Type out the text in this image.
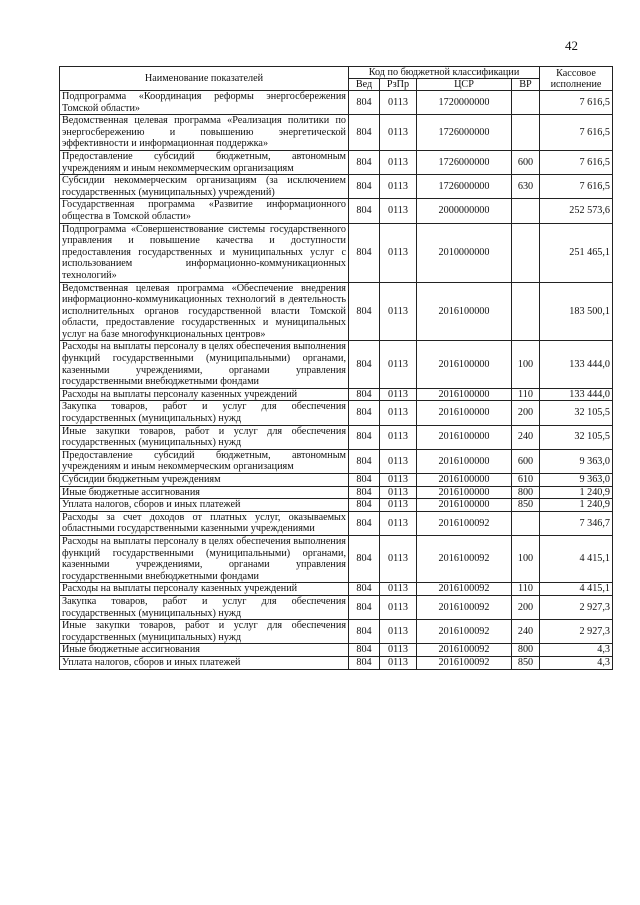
42
Наименование показателей	Код по бюджетной классификации				Кассовое исполнение
	Вед	РзПр	ЦСР	ВР	
Подпрограмма «Координация реформы энергосбережения Томской области»	804	0113	1720000000		7 616,5
Ведомственная целевая программа «Реализация политики по энергосбережению и повышению энергетической эффективности и информационная поддержка»	804	0113	1726000000		7 616,5
Предоставление субсидий бюджетным, автономным учреждениям и иным некоммерческим организациям	804	0113	1726000000	600	7 616,5
Субсидии некоммерческим организациям (за исключением государственных (муниципальных) учреждений)	804	0113	1726000000	630	7 616,5
Государственная программа «Развитие информационного общества в Томской области»	804	0113	2000000000		252 573,6
Подпрограмма «Совершенствование системы государственного управления и повышение качества и доступности предоставления государственных и муниципальных услуг с использованием информационно-коммуникационных технологий»	804	0113	2010000000		251 465,1
Ведомственная целевая программа «Обеспечение внедрения информационно-коммуникационных технологий в деятельность исполнительных органов государственной власти Томской области, предоставление государственных и муниципальных услуг на базе многофункциональных центров»	804	0113	2016100000		183 500,1
Расходы на выплаты персоналу в целях обеспечения выполнения функций государственными (муниципальными) органами, казенными учреждениями, органами управления государственными внебюджетными фондами	804	0113	2016100000	100	133 444,0
Расходы на выплаты персоналу казенных учреждений	804	0113	2016100000	110	133 444,0
Закупка товаров, работ и услуг для обеспечения государственных (муниципальных) нужд	804	0113	2016100000	200	32 105,5
Иные закупки товаров, работ и услуг для обеспечения государственных (муниципальных) нужд	804	0113	2016100000	240	32 105,5
Предоставление субсидий бюджетным, автономным учреждениям и иным некоммерческим организациям	804	0113	2016100000	600	9 363,0
Субсидии бюджетным учреждениям	804	0113	2016100000	610	9 363,0
Иные бюджетные ассигнования	804	0113	2016100000	800	1 240,9
Уплата налогов, сборов и иных платежей	804	0113	2016100000	850	1 240,9
Расходы за счет доходов от платных услуг, оказываемых областными государственными казенными учреждениями	804	0113	2016100092		7 346,7
Расходы на выплаты персоналу в целях обеспечения выполнения функций государственными (муниципальными) органами, казенными учреждениями, органами управления государственными внебюджетными фондами	804	0113	2016100092	100	4 415,1
Расходы на выплаты персоналу казенных учреждений	804	0113	2016100092	110	4 415,1
Закупка товаров, работ и услуг для обеспечения государственных (муниципальных) нужд	804	0113	2016100092	200	2 927,3
Иные закупки товаров, работ и услуг для обеспечения государственных (муниципальных) нужд	804	0113	2016100092	240	2 927,3
Иные бюджетные ассигнования	804	0113	2016100092	800	4,3
Уплата налогов, сборов и иных платежей	804	0113	2016100092	850	4,3
